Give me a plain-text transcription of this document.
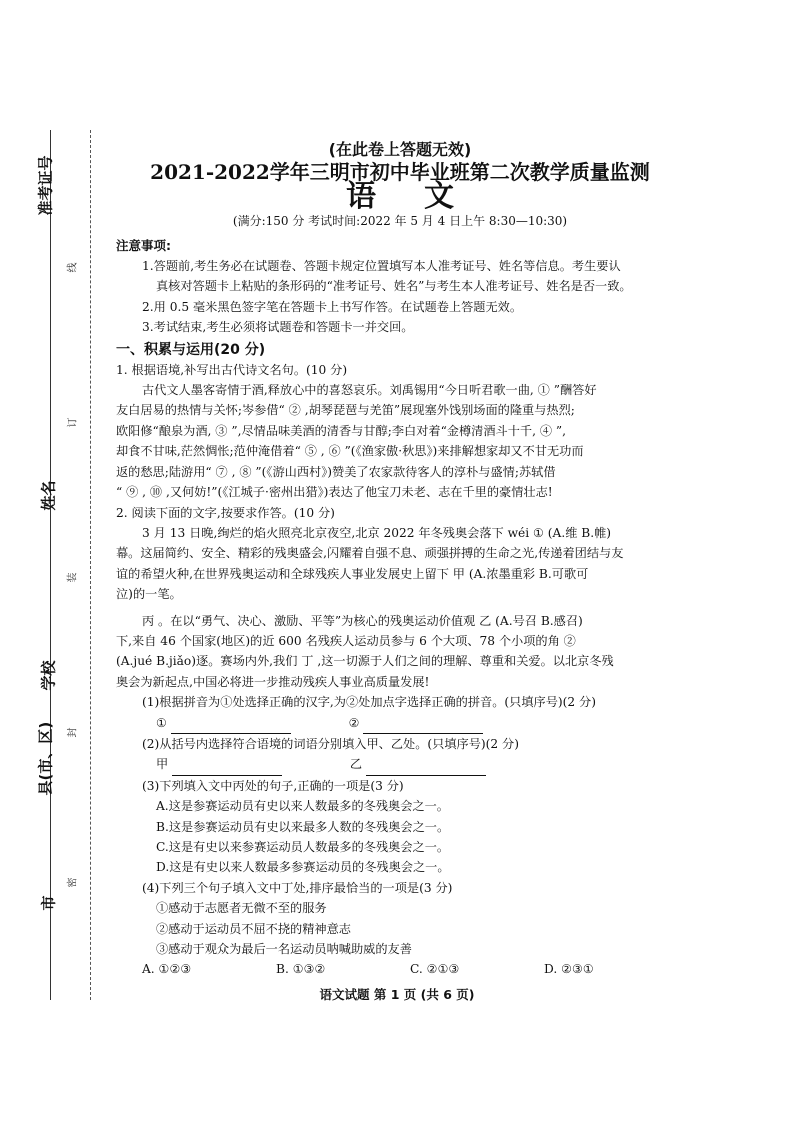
准考证号
姓名
学校
县(市、区)
市
线
订
装
封
密

(在此卷上答题无效)

2021-2022学年三明市初中毕业班第二次教学质量监测

语文

(满分:150 分 考试时间:2022 年 5 月 4 日上午 8:30—10:30)

注意事项:

1.答题前,考生务必在试题卷、答题卡规定位置填写本人准考证号、姓名等信息。考生要认

真核对答题卡上粘贴的条形码的“准考证号、姓名”与考生本人准考证号、姓名是否一致。

2.用 0.5 毫米黑色签字笔在答题卡上书写作答。在试题卷上答题无效。

3.考试结束,考生必须将试题卷和答题卡一并交回。

一、积累与运用(20 分)

1. 根据语境,补写出古代诗文名句。(10 分)

古代文人墨客寄情于酒,释放心中的喜怒哀乐。刘禹锡用“今日听君歌一曲, ① ”酬答好

友白居易的热情与关怀;岑参借“ ② ,胡琴琵琶与羌笛”展现塞外饯别场面的隆重与热烈;

欧阳修“酿泉为酒, ③ ”,尽情品味美酒的清香与甘醇;李白对着“金樽清酒斗十千, ④ ”,

却食不甘味,茫然惆怅;范仲淹借着“ ⑤ , ⑥ ”(《渔家傲·秋思》)来排解想家却又不甘无功而

返的愁思;陆游用“ ⑦ , ⑧ ”(《游山西村》)赞美了农家款待客人的淳朴与盛情;苏轼借

“ ⑨ , ⑩ ,又何妨!”(《江城子·密州出猎》)表达了他宝刀未老、志在千里的豪情壮志!

2. 阅读下面的文字,按要求作答。(10 分)

3 月 13 日晚,绚烂的焰火照亮北京夜空,北京 2022 年冬残奥会落下 wéi ① (A.维 B.帷)

幕。这届简约、安全、精彩的残奥盛会,闪耀着自强不息、顽强拼搏的生命之光,传递着团结与友

谊的希望火种,在世界残奥运动和全球残疾人事业发展史上留下 甲 (A.浓墨重彩 B.可歌可

泣)的一笔。

丙 。在以“勇气、决心、激励、平等”为核心的残奥运动价值观 乙 (A.号召 B.感召)

下,来自 46 个国家(地区)的近 600 名残疾人运动员参与 6 个大项、78 个小项的角 ②

(A.jué B.jiǎo)逐。赛场内外,我们 丁 ,这一切源于人们之间的理解、尊重和关爱。以北京冬残

奥会为新起点,中国必将进一步推动残疾人事业高质量发展!

(1)根据拼音为①处选择正确的汉字,为②处加点字选择正确的拼音。(只填序号)(2 分)

①	②

(2)从括号内选择符合语境的词语分别填入甲、乙处。(只填序号)(2 分)

甲	乙

(3)下列填入文中丙处的句子,正确的一项是(3 分)

A.这是参赛运动员有史以来人数最多的冬残奥会之一。

B.这是参赛运动员有史以来最多人数的冬残奥会之一。

C.这是有史以来参赛运动员人数最多的冬残奥会之一。

D.这是有史以来人数最多参赛运动员的冬残奥会之一。

(4)下列三个句子填入文中丁处,排序最恰当的一项是(3 分)

①感动于志愿者无微不至的服务

②感动于运动员不屈不挠的精神意志

③感动于观众为最后一名运动员呐喊助威的友善

A. ①②③	B. ①③②	C. ②①③	D. ②③①
语文试题 第 1 页 (共 6 页)
